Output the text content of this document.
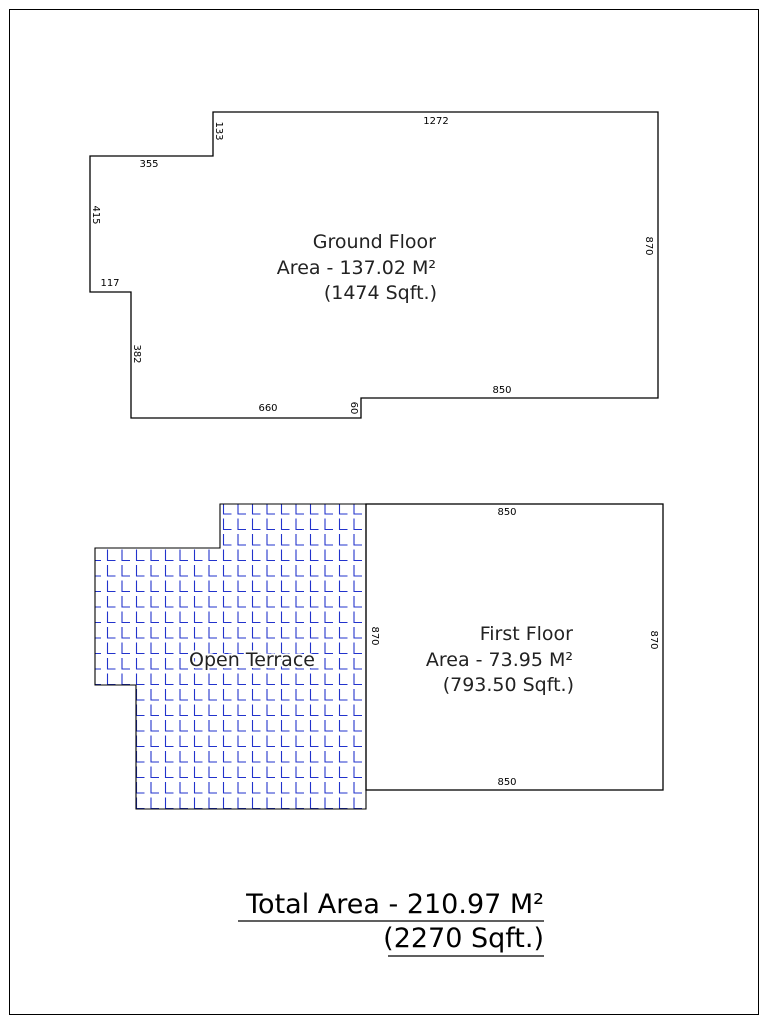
1272
133
355
415
117
382
660	60
850
870
Ground Floor
Area - 137.02 M²
(1474 Sqft.)
850
850
870	870
First Floor
Area - 73.95 M²
(793.50 Sqft.)
Open Terrace
Total Area - 210.97 M²
(2270 Sqft.)
